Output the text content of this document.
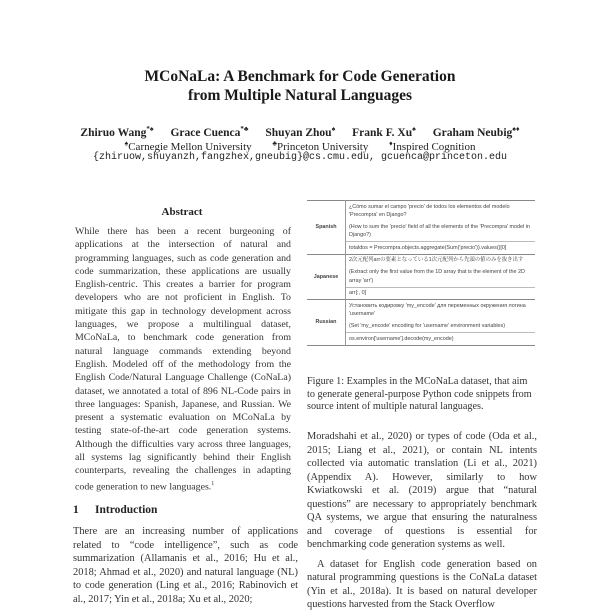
MCoNaLa: A Benchmark for Code Generation
from Multiple Natural Languages
Zhiruo Wang*♠ Grace Cuenca*♣ Shuyan Zhou♠ Frank F. Xu♠ Graham Neubig♠♦
♠Carnegie Mellon University	♣Princeton University	♦Inspired Cognition
{zhiruow,shuyanzh,fangzhex,gneubig}@cs.cmu.edu, gcuenca@princeton.edu
Abstract

While there has been a recent burgeoning of applications at the intersection of natural and programming languages, such as code generation and code summarization, these applications are usually English-centric. This creates a barrier for program developers who are not proficient in English. To mitigate this gap in technology development across languages, we propose a multilingual dataset, MCoNaLa, to benchmark code generation from natural language commands extending beyond English. Modeled off of the methodology from the English Code/Natural Language Challenge (CoNaLa) dataset, we annotated a total of 896 NL-Code pairs in three languages: Spanish, Japanese, and Russian. We present a systematic evaluation on MCoNaLa by testing state-of-the-art code generation systems. Although the difficulties vary across three languages, all systems lag significantly behind their English counterparts, revealing the challenges in adapting code generation to new languages.$^1$

1 Introduction

There are an increasing number of applications related to “code intelligence”, such as code summarization (Allamanis et al., 2016; Hu et al., 2018; Ahmad et al., 2020) and natural language (NL) to code generation (Ling et al., 2016; Rabinovich et al., 2017; Yin et al., 2018a; Xu et al., 2020;

Spanish	¿Cómo sumar el campo 'precio' de todos los elementos del modelo 'Precompra' en Django?
	(How to sum the 'precio' field of all the elements of the 'Precompra' model in Django?)
	totaldos = Precompra.objects.aggregate(Sum('precio')).values()[0]
Japanese	2次元配列arrの要素となっている1次元配列から先頭の値のみを抜き出す
	(Extract only the first value from the 1D array that is the element of the 2D array 'arr')
	arr[:, 0]
Russian	Установить кодировку 'my_encode' для переменных окружения логина 'username'
	(Set 'my_encode' encoding for 'username' environment variables)
	os.environ['username'].decode(my_encode)

Figure 1: Examples in the MCoNaLa dataset, that aim to generate general-purpose Python code snippets from source intent of multiple natural languages.

Moradshahi et al., 2020) or types of code (Oda et al., 2015; Liang et al., 2021), or contain NL intents collected via automatic translation (Li et al., 2021) (Appendix A). However, similarly to how Kwiatkowski et al. (2019) argue that “natural questions” are necessary to appropriately benchmark QA systems, we argue that ensuring the naturalness and coverage of questions is essential for benchmarking code generation systems as well.

A dataset for English code generation based on natural programming questions is the CoNaLa dataset (Yin et al., 2018a). It is based on natural developer questions harvested from the Stack Overflow
